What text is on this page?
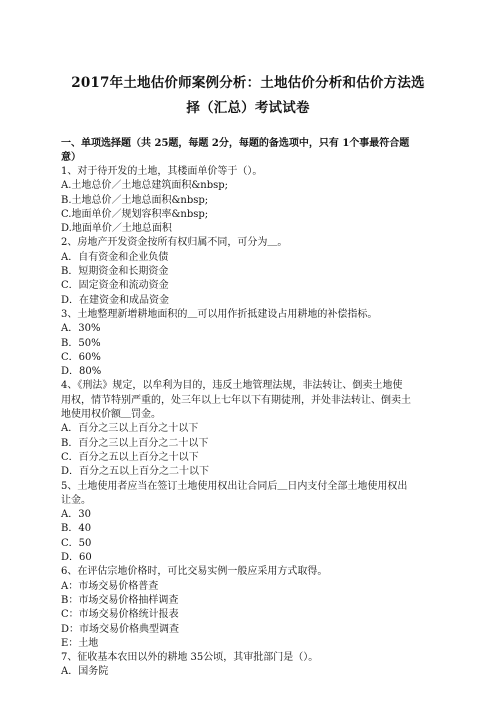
2017年土地估价师案例分析：土地估价分析和估价方法选
择（汇总）考试试卷
一、单项选择题（共 25题，每题 2分，每题的备选项中，只有 1个事最符合题
意）
1、对于待开发的土地，其楼面单价等于（）。
A.土地总价／土地总建筑面积&nbsp;
B.土地总价／土地总面积&nbsp;
C.地面单价／规划容积率&nbsp;
D.地面单价／土地总面积
2、房地产开发资金按所有权归属不同，可分为＿。
A．自有资金和企业负债
B．短期资金和长期资金
C．固定资金和流动资金
D．在建资金和成品资金
3、土地整理新增耕地面积的＿可以用作折抵建设占用耕地的补偿指标。
A．30%
B．50%
C．60%
D．80%
4、《刑法》规定，以牟利为目的，违反土地管理法规，非法转让、倒卖土地使
用权，情节特别严重的，处三年以上七年以下有期徒刑，并处非法转让、倒卖土
地使用权价额＿罚金。
A．百分之三以上百分之十以下
B．百分之三以上百分之二十以下
C．百分之五以上百分之十以下
D．百分之五以上百分之二十以下
5、土地使用者应当在签订土地使用权出让合同后＿日内支付全部土地使用权出
让金。
A．30
B．40
C．50
D．60
6、在评估宗地价格时，可比交易实例一般应采用方式取得。
A：市场交易价格普查
B：市场交易价格抽样调查
C：市场交易价格统计报表
D：市场交易价格典型调查
E：土地
7、征收基本农田以外的耕地 35公顷，其审批部门是（）。
A．国务院
